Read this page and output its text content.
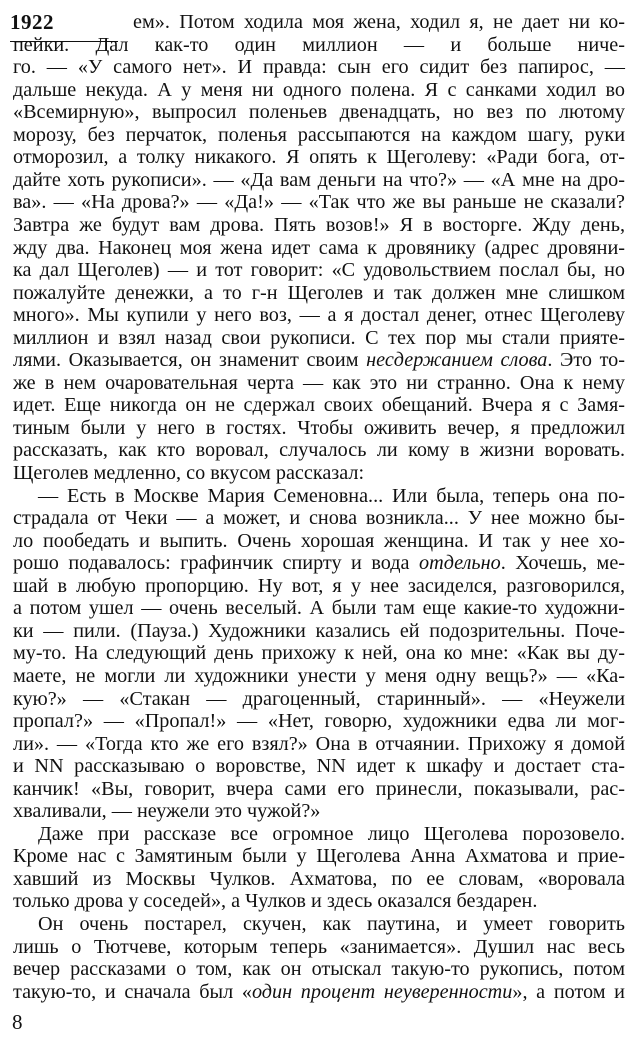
1922	ем». Потом ходила моя жена, ходил я, не дает ни ко-
пейки. Дал как-то один миллион — и больше ниче-
го. — «У самого нет». И правда: сын его сидит без папирос, —
дальше некуда. А у меня ни одного полена. Я с санками ходил во
«Всемирную», выпросил поленьев двенадцать, но вез по лютому
морозу, без перчаток, поленья рассыпаются на каждом шагу, руки
отморозил, а толку никакого. Я опять к Щеголеву: «Ради бога, от-
дайте хоть рукописи». — «Да вам деньги на что?» — «А мне на дро-
ва». — «На дрова?» — «Да!» — «Так что же вы раньше не сказали?
Завтра же будут вам дрова. Пять возов!» Я в восторге. Жду день,
жду два. Наконец моя жена идет сама к дровянику (адрес дровяни-
ка дал Щеголев) — и тот говорит: «С удовольствием послал бы, но
пожалуйте денежки, а то г-н Щеголев и так должен мне слишком
много». Мы купили у него воз, — а я достал денег, отнес Щеголеву
миллион и взял назад свои рукописи. С тех пор мы стали прияте-
лями. Оказывается, он знаменит своим несдержанием слова. Это то-
же в нем очаровательная черта — как это ни странно. Она к нему
идет. Еще никогда он не сдержал своих обещаний. Вчера я с Замя-
тиным были у него в гостях. Чтобы оживить вечер, я предложил
рассказать, как кто воровал, случалось ли кому в жизни воровать.
Щеголев медленно, со вкусом рассказал:
— Есть в Москве Мария Семеновна... Или была, теперь она по-
страдала от Чеки — а может, и снова возникла... У нее можно бы-
ло пообедать и выпить. Очень хорошая женщина. И так у нее хо-
рошо подавалось: графинчик спирту и вода отдельно. Хочешь, ме-
шай в любую пропорцию. Ну вот, я у нее засиделся, разговорился,
а потом ушел — очень веселый. А были там еще какие-то художни-
ки — пили. (Пауза.) Художники казались ей подозрительны. Поче-
му-то. На следующий день прихожу к ней, она ко мне: «Как вы ду-
маете, не могли ли художники унести у меня одну вещь?» — «Ка-
кую?» — «Стакан — драгоценный, старинный». — «Неужели
пропал?» — «Пропал!» — «Нет, говорю, художники едва ли мог-
ли». — «Тогда кто же его взял?» Она в отчаянии. Прихожу я домой
и NN рассказываю о воровстве, NN идет к шкафу и достает ста-
канчик! «Вы, говорит, вчера сами его принесли, показывали, рас-
хваливали, — неужели это чужой?»
Даже при рассказе все огромное лицо Щеголева порозовело.
Кроме нас с Замятиным были у Щеголева Анна Ахматова и прие-
хавший из Москвы Чулков. Ахматова, по ее словам, «воровала
только дрова у соседей», а Чулков и здесь оказался бездарен.
Он очень постарел, скучен, как паутина, и умеет говорить
лишь о Тютчеве, которым теперь «занимается». Душил нас весь
вечер рассказами о том, как он отыскал такую-то рукопись, потом
такую-то, и сначала был «один процент неуверенности», а потом и
8
